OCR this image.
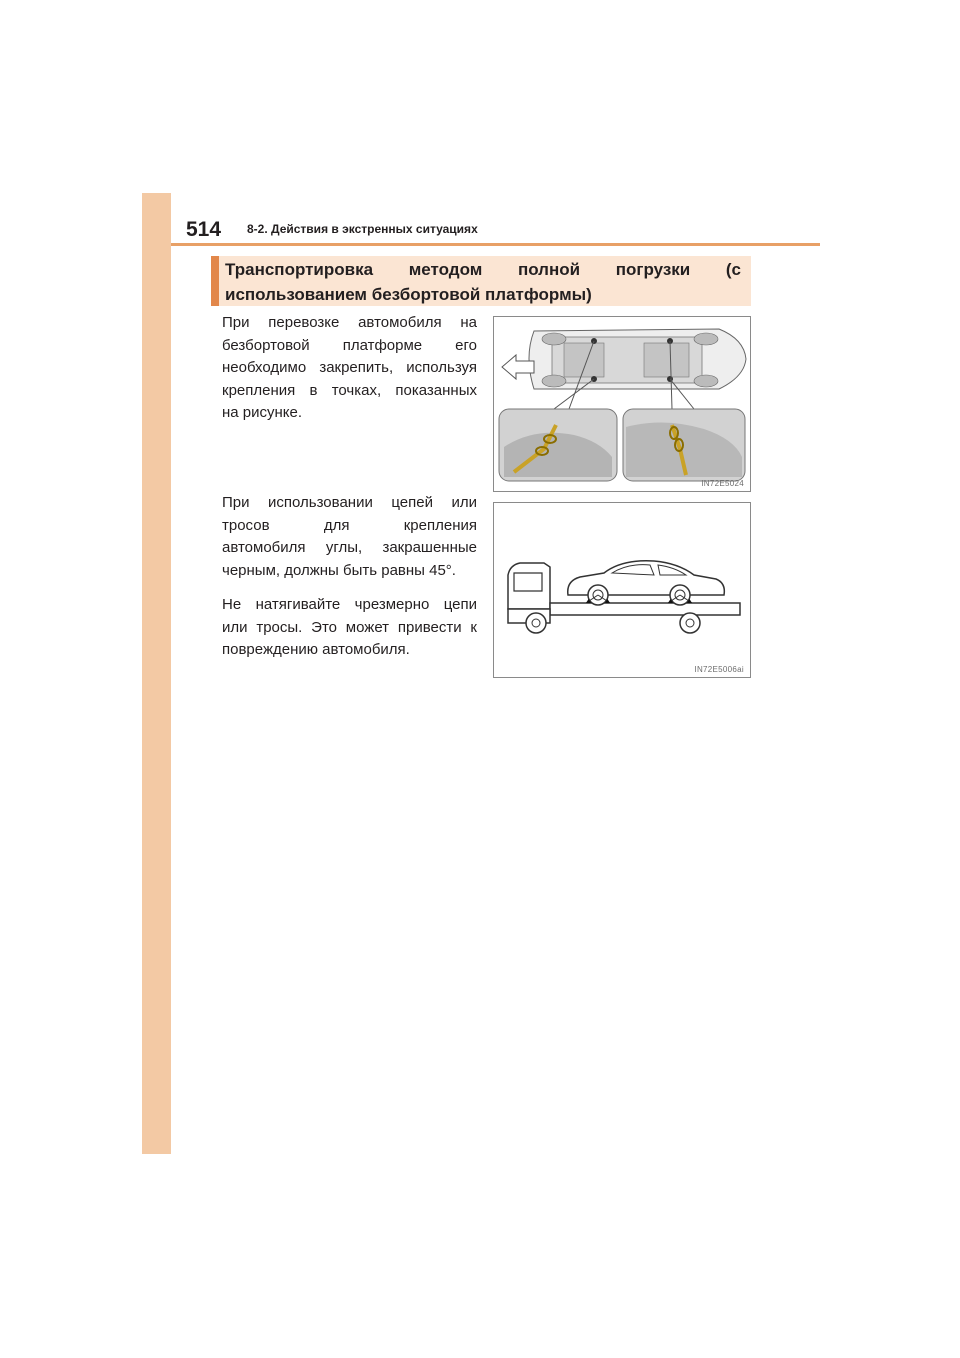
514 8-2. Действия в экстренных ситуациях
Транспортировка методом полной погрузки (с использованием безбортовой платформы)
При перевозке автомобиля на
безбортовой платформе его
необходимо закрепить, используя
крепления в точках, показанных
на рисунке.
При использовании цепей или
тросов для крепления
автомобиля углы, закрашенные
черным, должны быть равны 45°.
Не натягивайте чрезмерно цепи
или тросы. Это может привести к
повреждению автомобиля.
IN72E5024
IN72E5006ai
